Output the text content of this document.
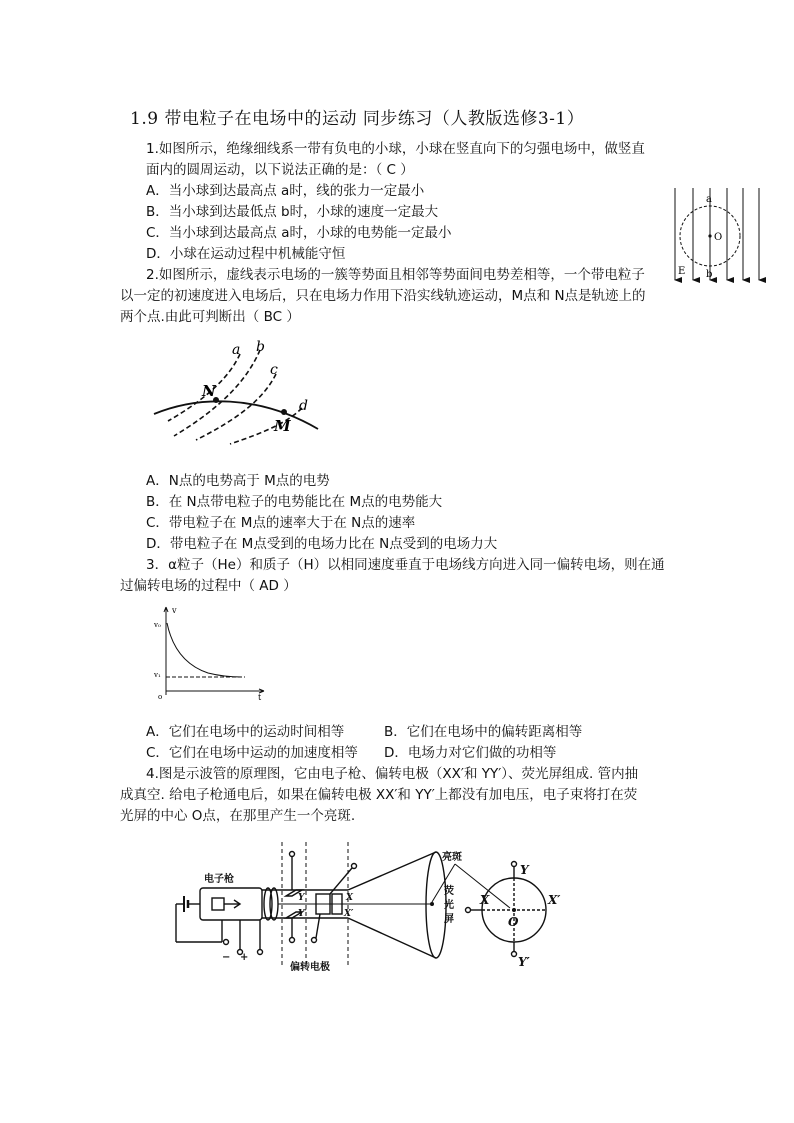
1.9 带电粒子在电场中的运动 同步练习（人教版选修3-1）
1.如图所示，绝缘细线系一带有负电的小球，小球在竖直向下的匀强电场中，做竖直
面内的圆周运动，以下说法正确的是：（ C ）
A．当小球到达最高点 a时，线的张力一定最小
B．当小球到达最低点 b时，小球的速度一定最大
C．当小球到达最高点 a时，小球的电势能一定最小
D．小球在运动过程中机械能守恒
a
O
b
E
2.如图所示，虚线表示电场的一簇等势面且相邻等势面间电势差相等，一个带电粒子
以一定的初速度进入电场后，只在电场力作用下沿实线轨迹运动，M点和 N点是轨迹上的
两个点.由此可判断出（ BC ）
a b
c
d
N
M
A．N点的电势高于 M点的电势
B．在 N点带电粒子的电势能比在 M点的电势能大
C．带电粒子在 M点的速率大于在 N点的速率
D．带电粒子在 M点受到的电场力比在 N点受到的电场力大
3．α粒子（He）和质子（H）以相同速度垂直于电场线方向进入同一偏转电场，则在通
过偏转电场的过程中（ AD ）
v
v₀
v₁
o	t
A．它们在电场中的运动时间相等	B．它们在电场中的偏转距离相等
C．它们在电场中运动的加速度相等 D．电场力对它们做的功相等
4.图是示波管的原理图，它由电子枪、偏转电极（XX′和 YY′）、荧光屏组成. 管内抽
成真空. 给电子枪通电后，如果在偏转电极 XX′和 YY′上都没有加电压，电子束将打在荧
光屏的中心 O点，在那里产生一个亮斑.
电子枪
偏转电极
亮斑
荧
光
屏
− +
Y
Y′
X
X′
Y
Y′
X	X′
O
